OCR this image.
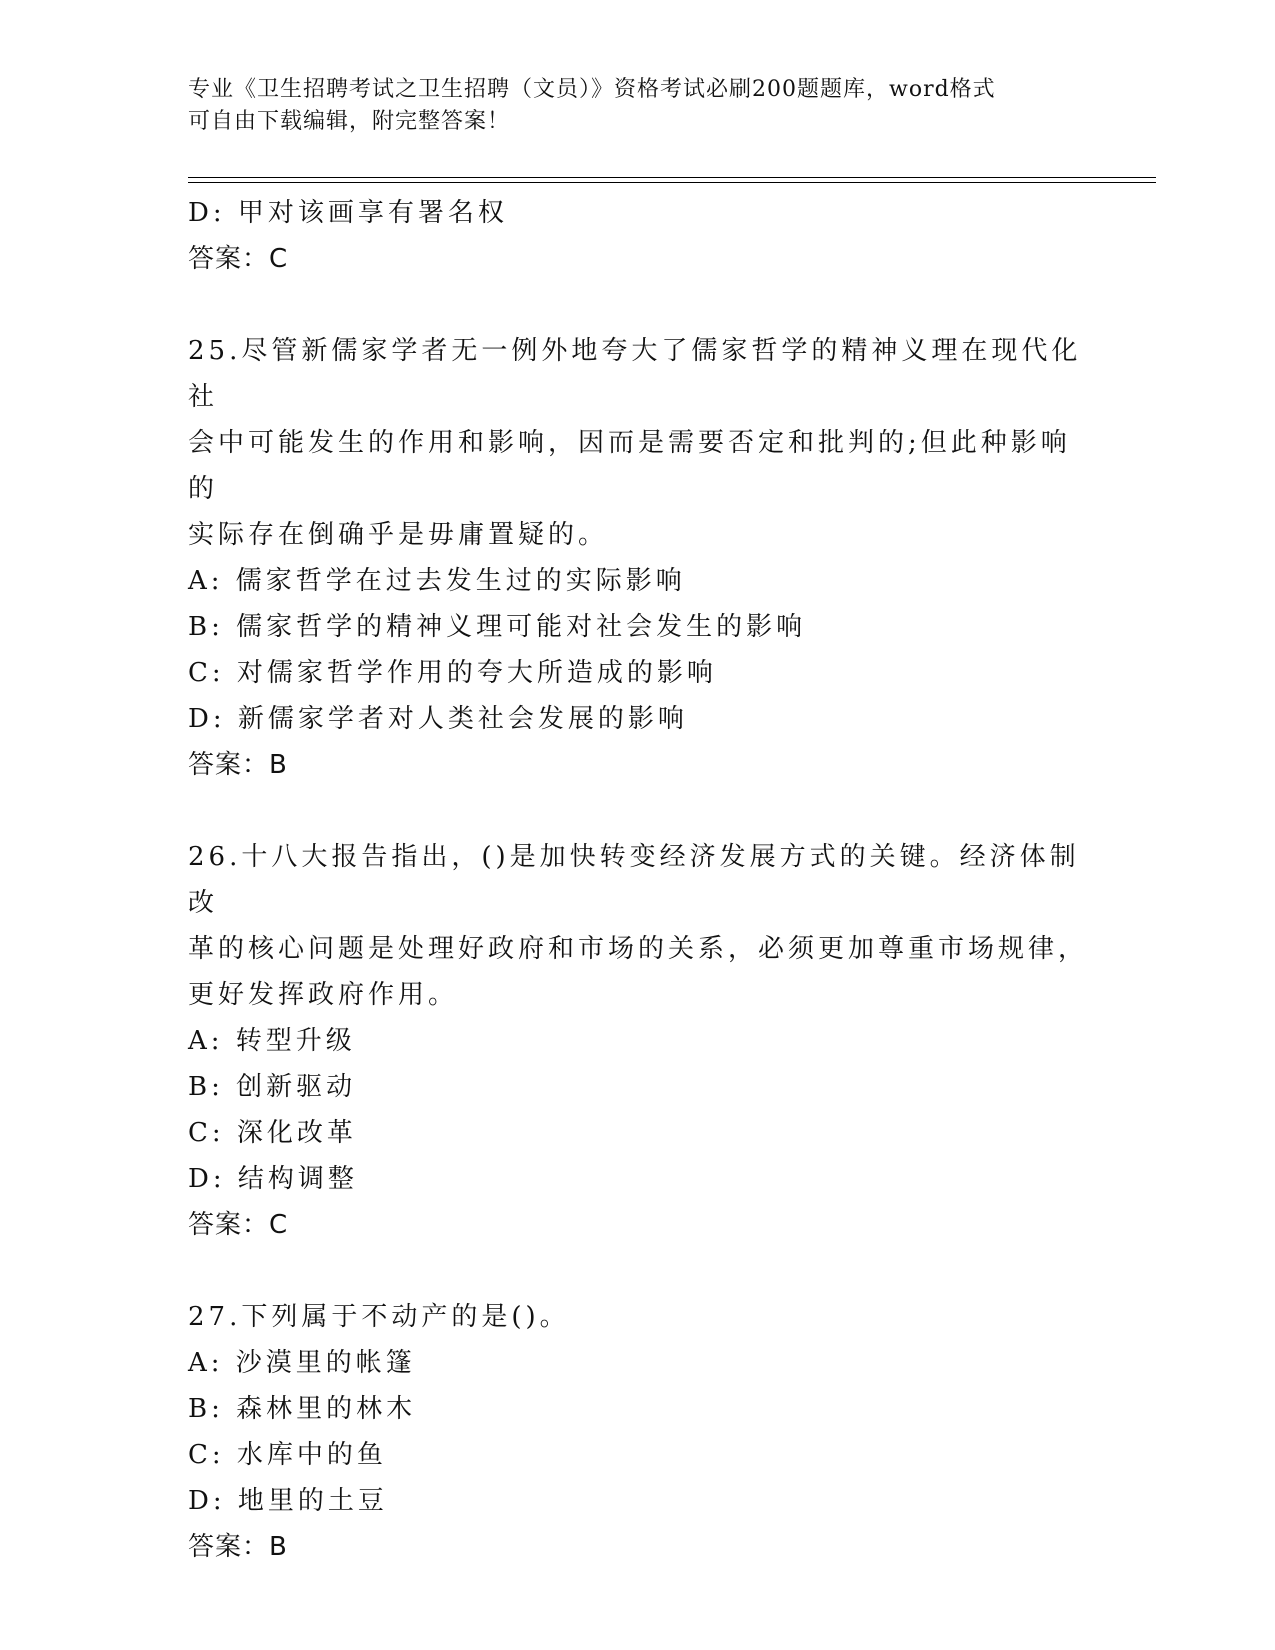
专业《卫生招聘考试之卫生招聘（文员）》资格考试必刷200题题库，word格式
可自由下载编辑，附完整答案！
D: 甲对该画享有署名权
答案：C
25.尽管新儒家学者无一例外地夸大了儒家哲学的精神义理在现代化社
会中可能发生的作用和影响，因而是需要否定和批判的;但此种影响的
实际存在倒确乎是毋庸置疑的。
A: 儒家哲学在过去发生过的实际影响
B: 儒家哲学的精神义理可能对社会发生的影响
C: 对儒家哲学作用的夸大所造成的影响
D: 新儒家学者对人类社会发展的影响
答案：B
26.十八大报告指出，()是加快转变经济发展方式的关键。经济体制改
革的核心问题是处理好政府和市场的关系，必须更加尊重市场规律，
更好发挥政府作用。
A: 转型升级
B: 创新驱动
C: 深化改革
D: 结构调整
答案：C
27.下列属于不动产的是()。
A: 沙漠里的帐篷
B: 森林里的林木
C: 水库中的鱼
D: 地里的土豆
答案：B
